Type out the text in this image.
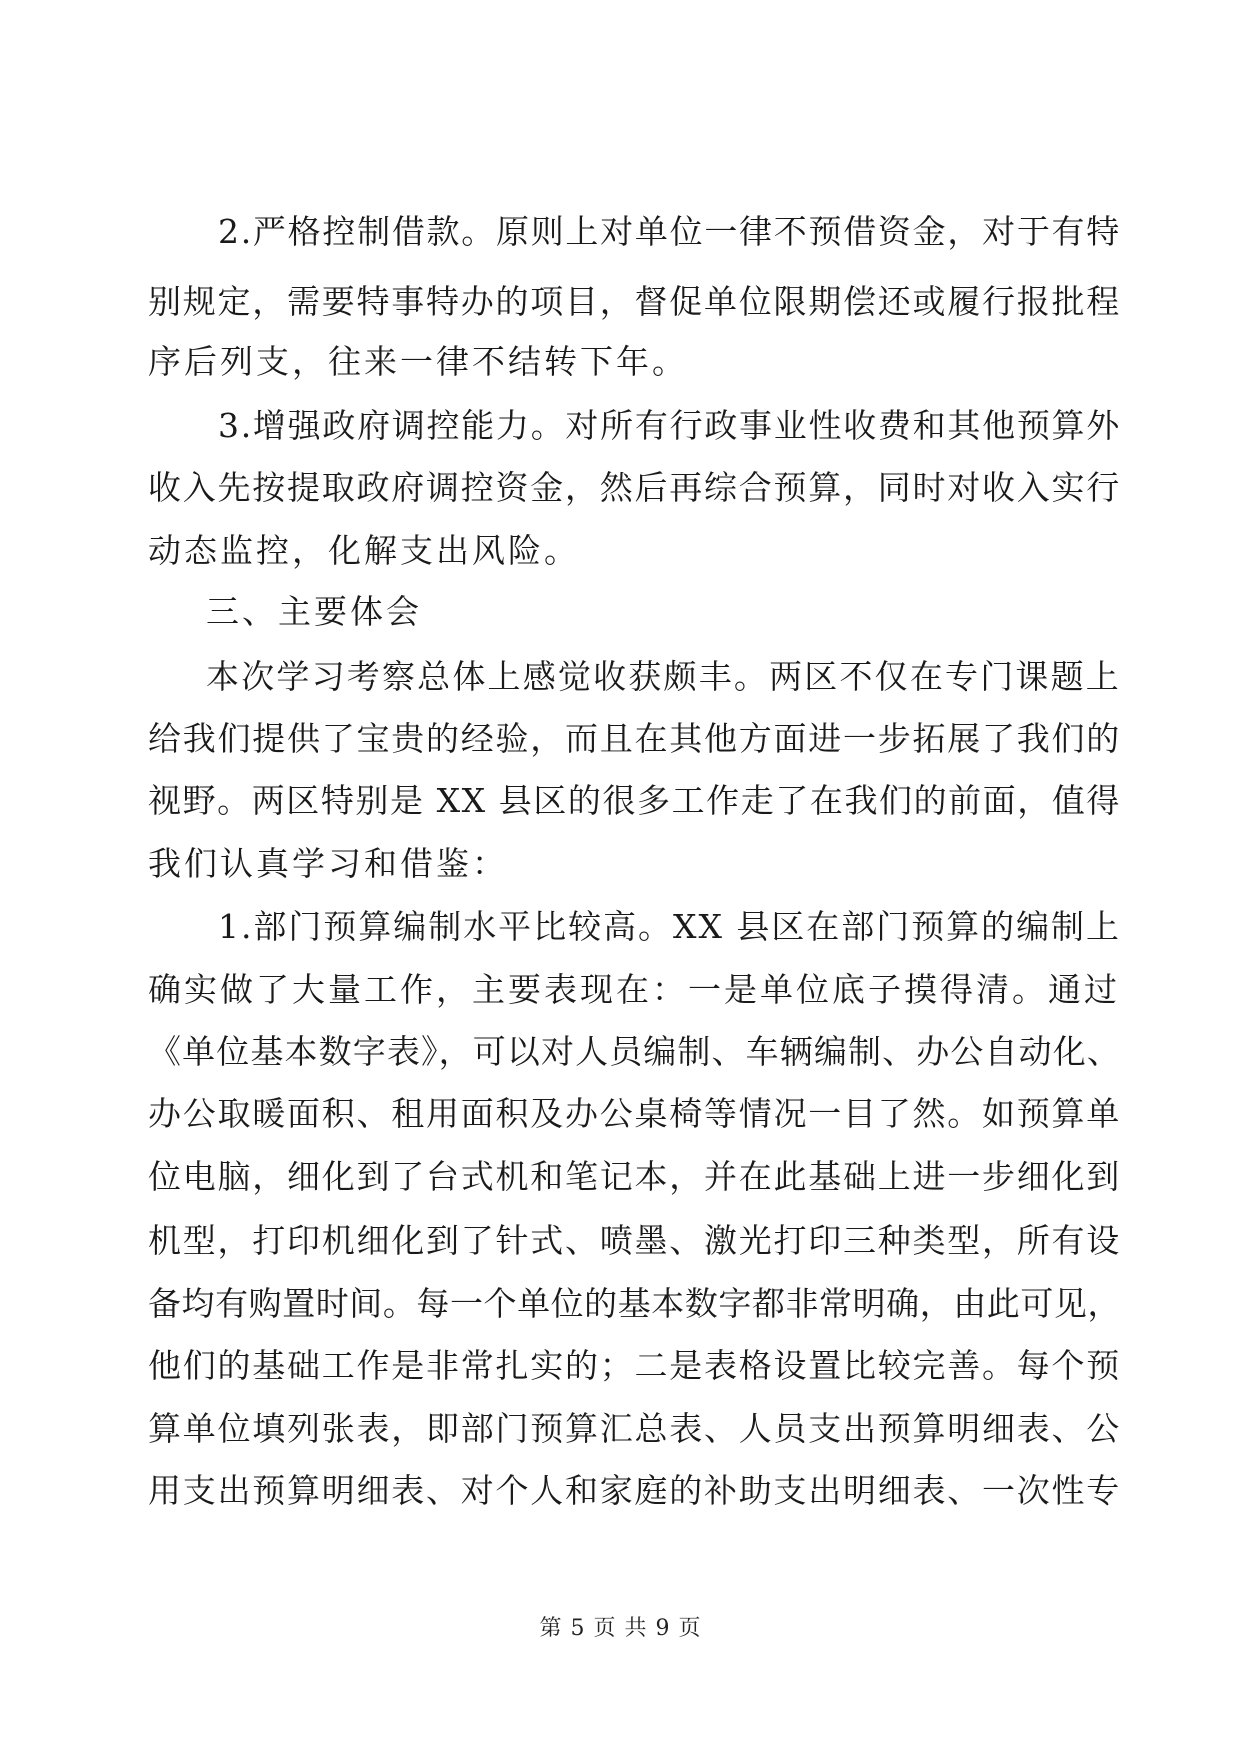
2.严格控制借款。原则上对单位一律不预借资金，对于有特
别规定，需要特事特办的项目，督促单位限期偿还或履行报批程
序后列支，往来一律不结转下年。
3.增强政府调控能力。对所有行政事业性收费和其他预算外
收入先按提取政府调控资金，然后再综合预算，同时对收入实行
动态监控，化解支出风险。
三、主要体会
本次学习考察总体上感觉收获颇丰。两区不仅在专门课题上
给我们提供了宝贵的经验，而且在其他方面进一步拓展了我们的
视野。两区特别是 XX 县区的很多工作走了在我们的前面，值得
我们认真学习和借鉴：
1.部门预算编制水平比较高。XX 县区在部门预算的编制上
确实做了大量工作，主要表现在：一是单位底子摸得清。通过
《单位基本数字表》，可以对人员编制、车辆编制、办公自动化、
办公取暖面积、租用面积及办公桌椅等情况一目了然。如预算单
位电脑，细化到了台式机和笔记本，并在此基础上进一步细化到
机型，打印机细化到了针式、喷墨、激光打印三种类型，所有设
备均有购置时间。每一个单位的基本数字都非常明确，由此可见，
他们的基础工作是非常扎实的；二是表格设置比较完善。每个预
算单位填列张表，即部门预算汇总表、人员支出预算明细表、公
用支出预算明细表、对个人和家庭的补助支出明细表、一次性专
第 5 页 共 9 页
